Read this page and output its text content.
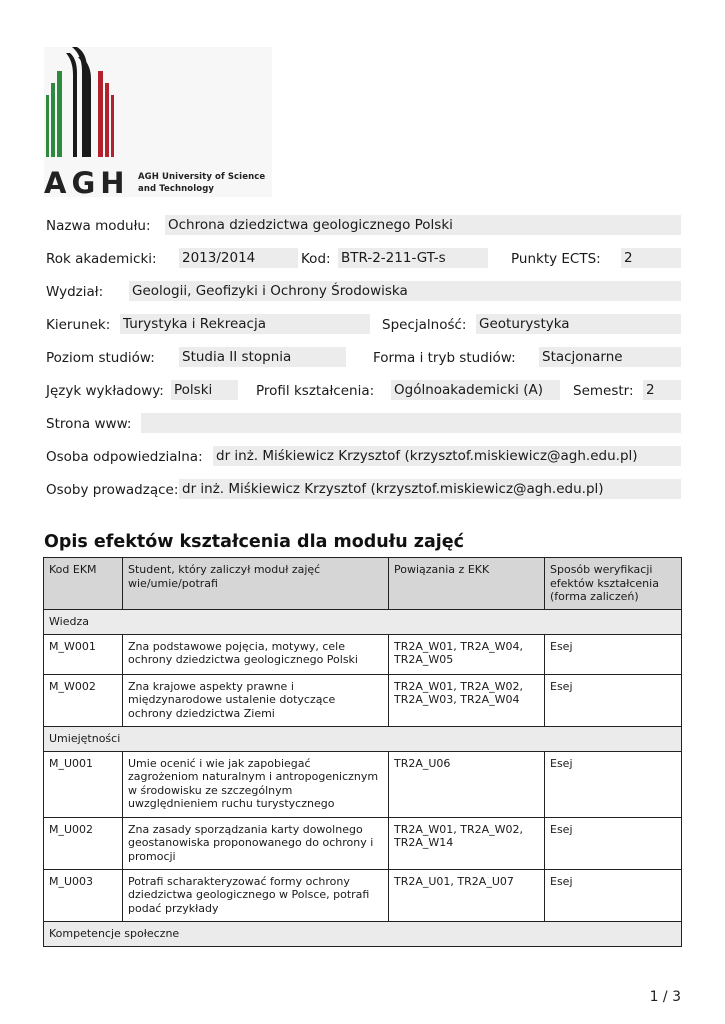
AGH AGH University of Science
and Technology
Nazwa modułu: Ochrona dziedzictwa geologicznego Polski
Rok akademicki: 2013/2014	Kod: BTR-2-211-GT-s	Punkty ECTS: 2
Wydział: Geologii, Geofizyki i Ochrony Środowiska
Kierunek: Turystyka i Rekreacja	Specjalność: Geoturystyka
Poziom studiów: Studia II stopnia	Forma i tryb studiów: Stacjonarne
Język wykładowy: Polski	Profil kształcenia: Ogólnoakademicki (A)	Semestr: 2
Strona www:
Osoba odpowiedzialna: dr inż. Miśkiewicz Krzysztof (krzysztof.miskiewicz@agh.edu.pl)
Osoby prowadzące: dr inż. Miśkiewicz Krzysztof (krzysztof.miskiewicz@agh.edu.pl)
Opis efektów kształcenia dla modułu zajęć
Kod EKM	Student, który zaliczył moduł zajęć wie/umie/potrafi	Powiązania z EKK	Sposób weryfikacji efektów kształcenia (forma zaliczeń)
Wiedza			
M_W001	Zna podstawowe pojęcia, motywy, cele ochrony dziedzictwa geologicznego Polski	TR2A_W01, TR2A_W04, TR2A_W05	Esej
M_W002	Zna krajowe aspekty prawne i międzynarodowe ustalenie dotyczące ochrony dziedzictwa Ziemi	TR2A_W01, TR2A_W02, TR2A_W03, TR2A_W04	Esej
Umiejętności			
M_U001	Umie ocenić i wie jak zapobiegać zagrożeniom naturalnym i antropogenicznym w środowisku ze szczególnym uwzględnieniem ruchu turystycznego	TR2A_U06	Esej
M_U002	Zna zasady sporządzania karty dowolnego geostanowiska proponowanego do ochrony i promocji	TR2A_W01, TR2A_W02, TR2A_W14	Esej
M_U003	Potrafi scharakteryzować formy ochrony dziedzictwa geologicznego w Polsce, potrafi podać przykłady	TR2A_U01, TR2A_U07	Esej
Kompetencje społeczne			
1 / 3
